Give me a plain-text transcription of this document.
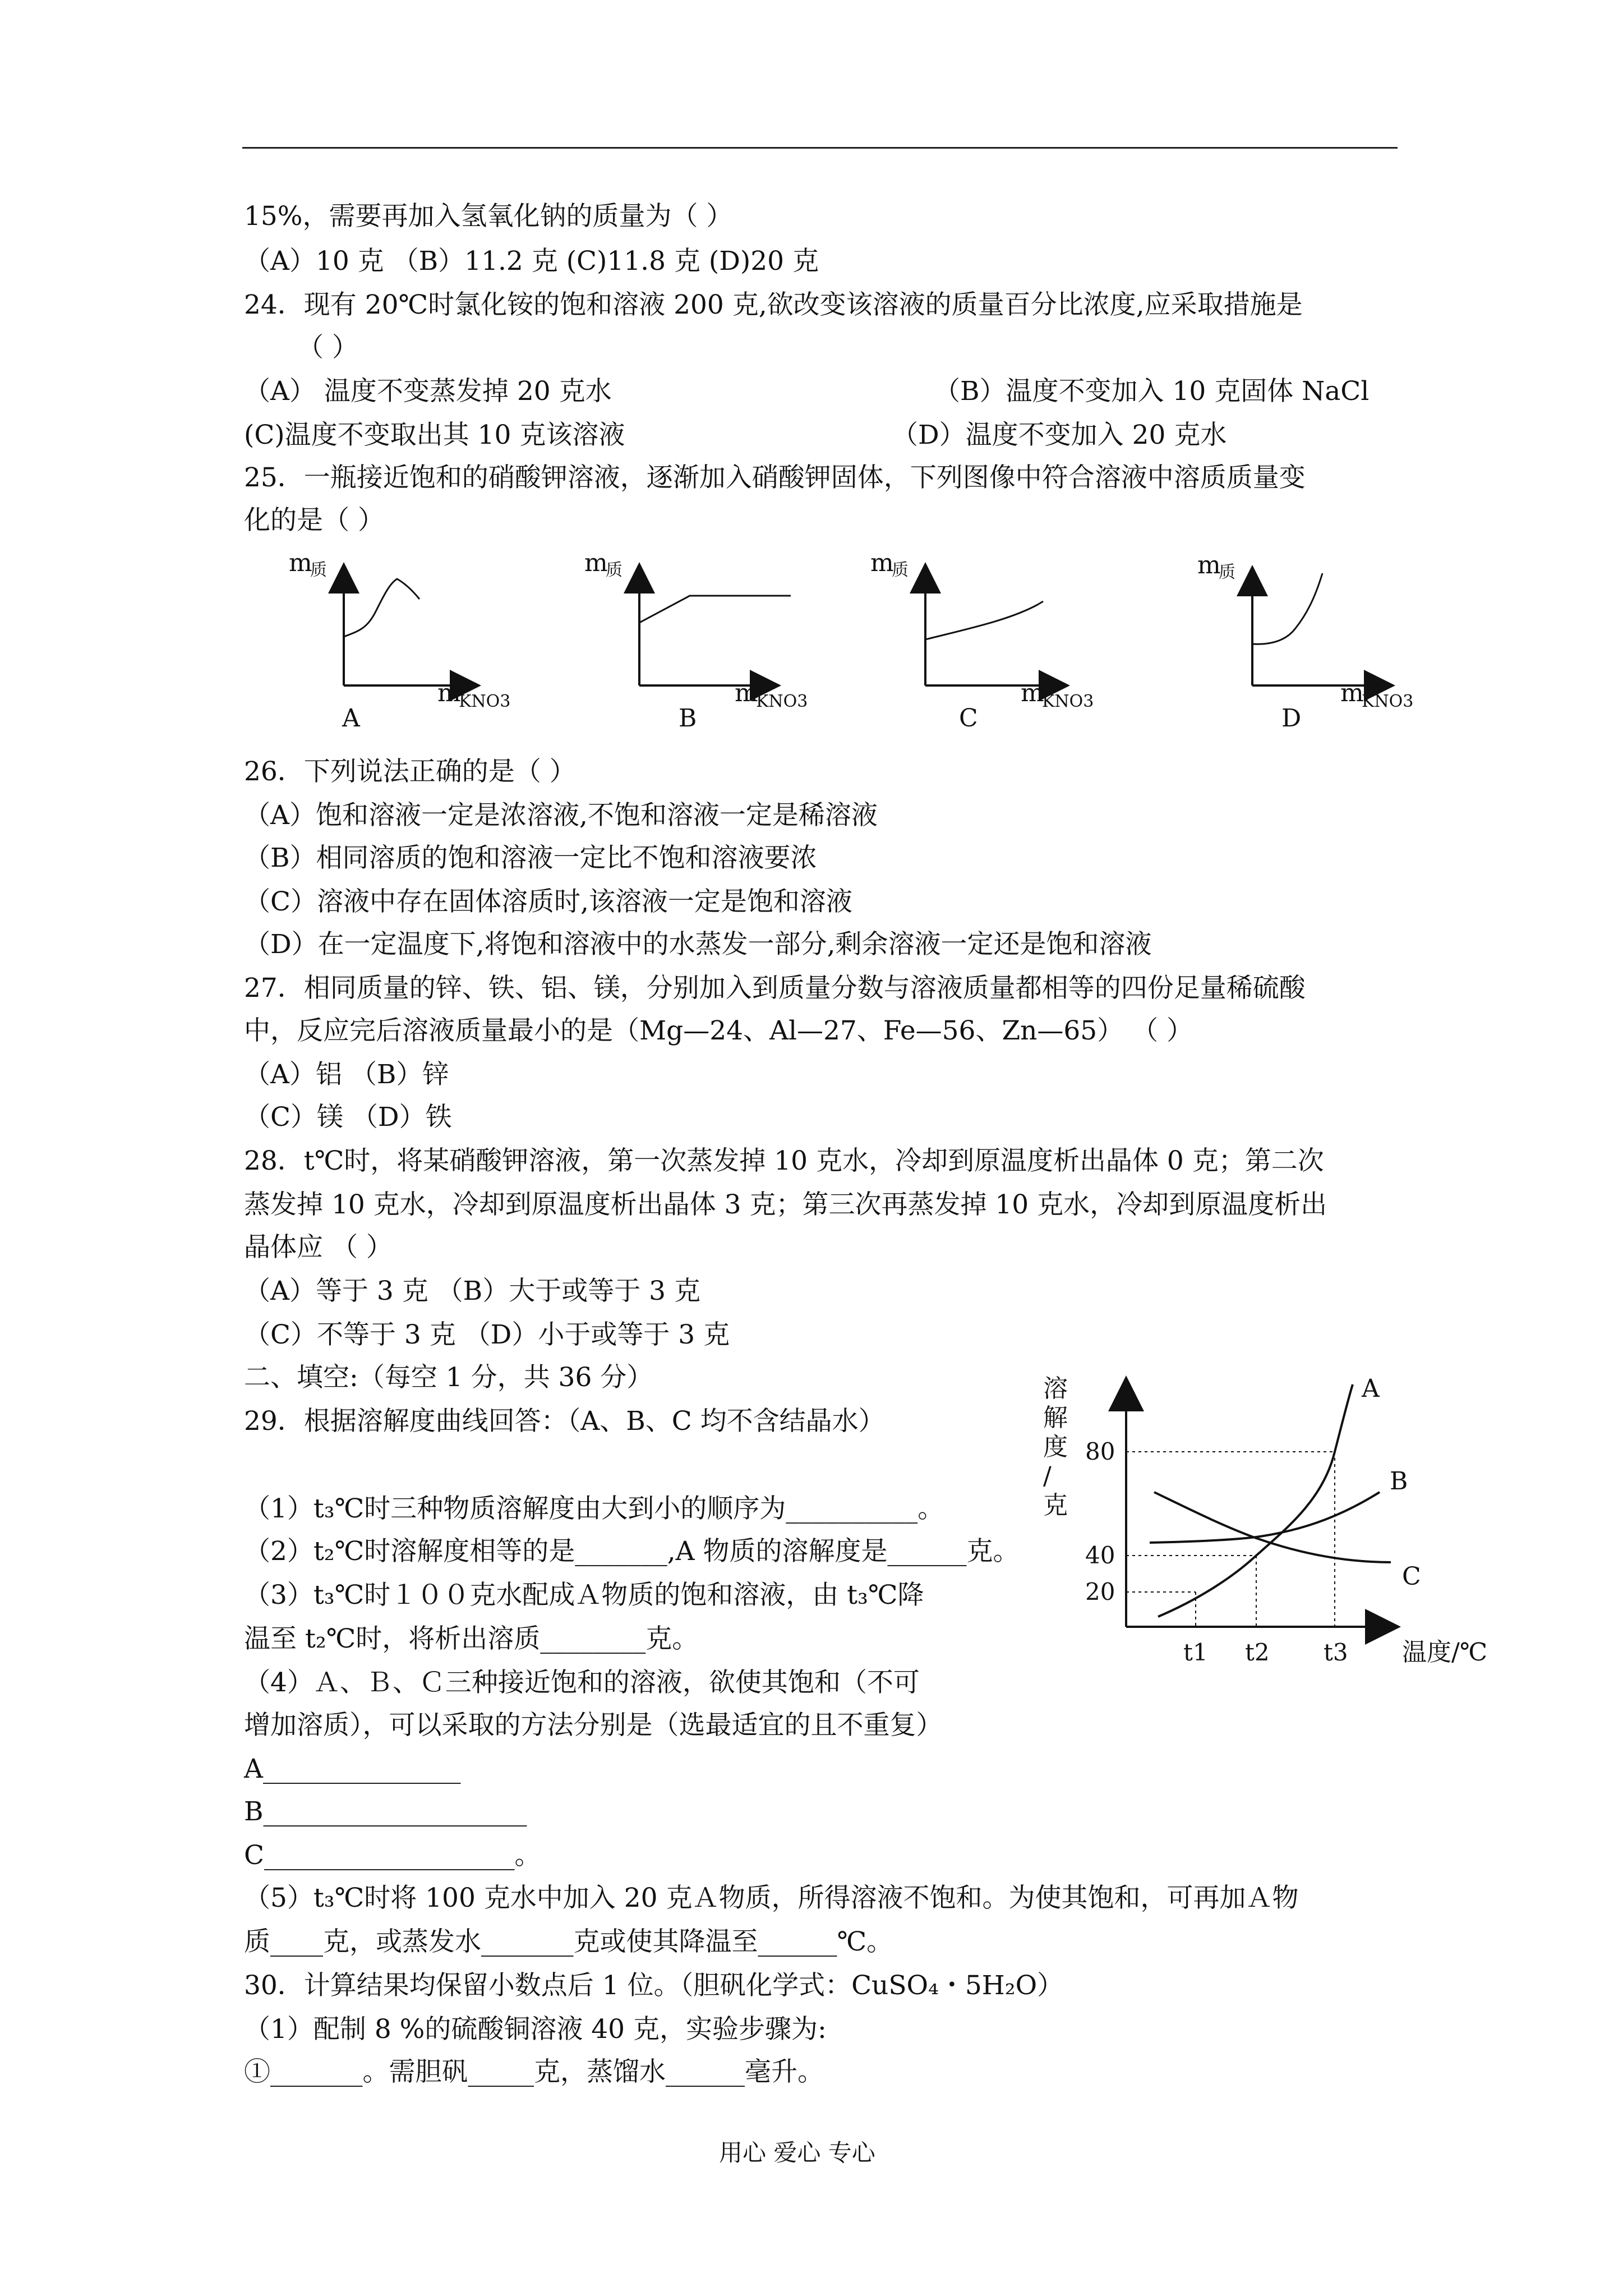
15%，需要再加入氢氧化钠的质量为（ ）
（A）10 克 （B）11.2 克 (C)11.8 克 (D)20 克
24．现有 20℃时氯化铵的饱和溶液 200 克,欲改变该溶液的质量百分比浓度,应采取措施是
（ ）
（A） 温度不变蒸发掉 20 克水	（B）温度不变加入 10 克固体 NaCl
(C)温度不变取出其 10 克该溶液	（D）温度不变加入 20 克水
25．一瓶接近饱和的硝酸钾溶液，逐渐加入硝酸钾固体，下列图像中符合溶液中溶质质量变
化的是（ ）
m
质
m
KNO3
A
m
质
m
KNO3
B
m
质
m
KNO3
C
m
质
m
KNO3
D
26．下列说法正确的是（ ）
（A）饱和溶液一定是浓溶液,不饱和溶液一定是稀溶液
（B）相同溶质的饱和溶液一定比不饱和溶液要浓
（C）溶液中存在固体溶质时,该溶液一定是饱和溶液
（D）在一定温度下,将饱和溶液中的水蒸发一部分,剩余溶液一定还是饱和溶液
27．相同质量的锌、铁、铝、镁，分别加入到质量分数与溶液质量都相等的四份足量稀硫酸
中，反应完后溶液质量最小的是（Mg—24、Al—27、Fe—56、Zn—65） （ ）
（A）铝 （B）锌
（C）镁 （D）铁
28．t℃时，将某硝酸钾溶液，第一次蒸发掉 10 克水，冷却到原温度析出晶体 0 克；第二次
蒸发掉 10 克水，冷却到原温度析出晶体 3 克；第三次再蒸发掉 10 克水，冷却到原温度析出
晶体应 （ ）
（A）等于 3 克 （B）大于或等于 3 克
（C）不等于 3 克 （D）小于或等于 3 克
二、填空:（每空 1 分，共 36 分）
29．根据溶解度曲线回答：（A、B、C 均不含结晶水）
（1）t₃℃时三种物质溶解度由大到小的顺序为__________。
（2）t₂℃时溶解度相等的是_______,A 物质的溶解度是______克。
（3）t₃℃时１００克水配成Ａ物质的饱和溶液，由 t₃℃降
温至 t₂℃时，将析出溶质________克。
（4）Ａ、Ｂ、Ｃ三种接近饱和的溶液，欲使其饱和（不可
增加溶质），可以采取的方法分别是（选最适宜的且不重复）
A_______________
B____________________
C___________________。
（5）t₃℃时将 100 克水中加入 20 克Ａ物质，所得溶液不饱和。为使其饱和，可再加Ａ物
质____克，或蒸发水_______克或使其降温至______℃。
30．计算结果均保留小数点后 1 位。（胆矾化学式：CuSO₄・5H₂O）
（1）配制 8 %的硫酸铜溶液 40 克，实验步骤为:
①_______。需胆矾_____克，蒸馏水______毫升。
80
40
20
t1 t2 t3
A
B
C
温度/℃
溶解度/克
用心 爱心 专心
